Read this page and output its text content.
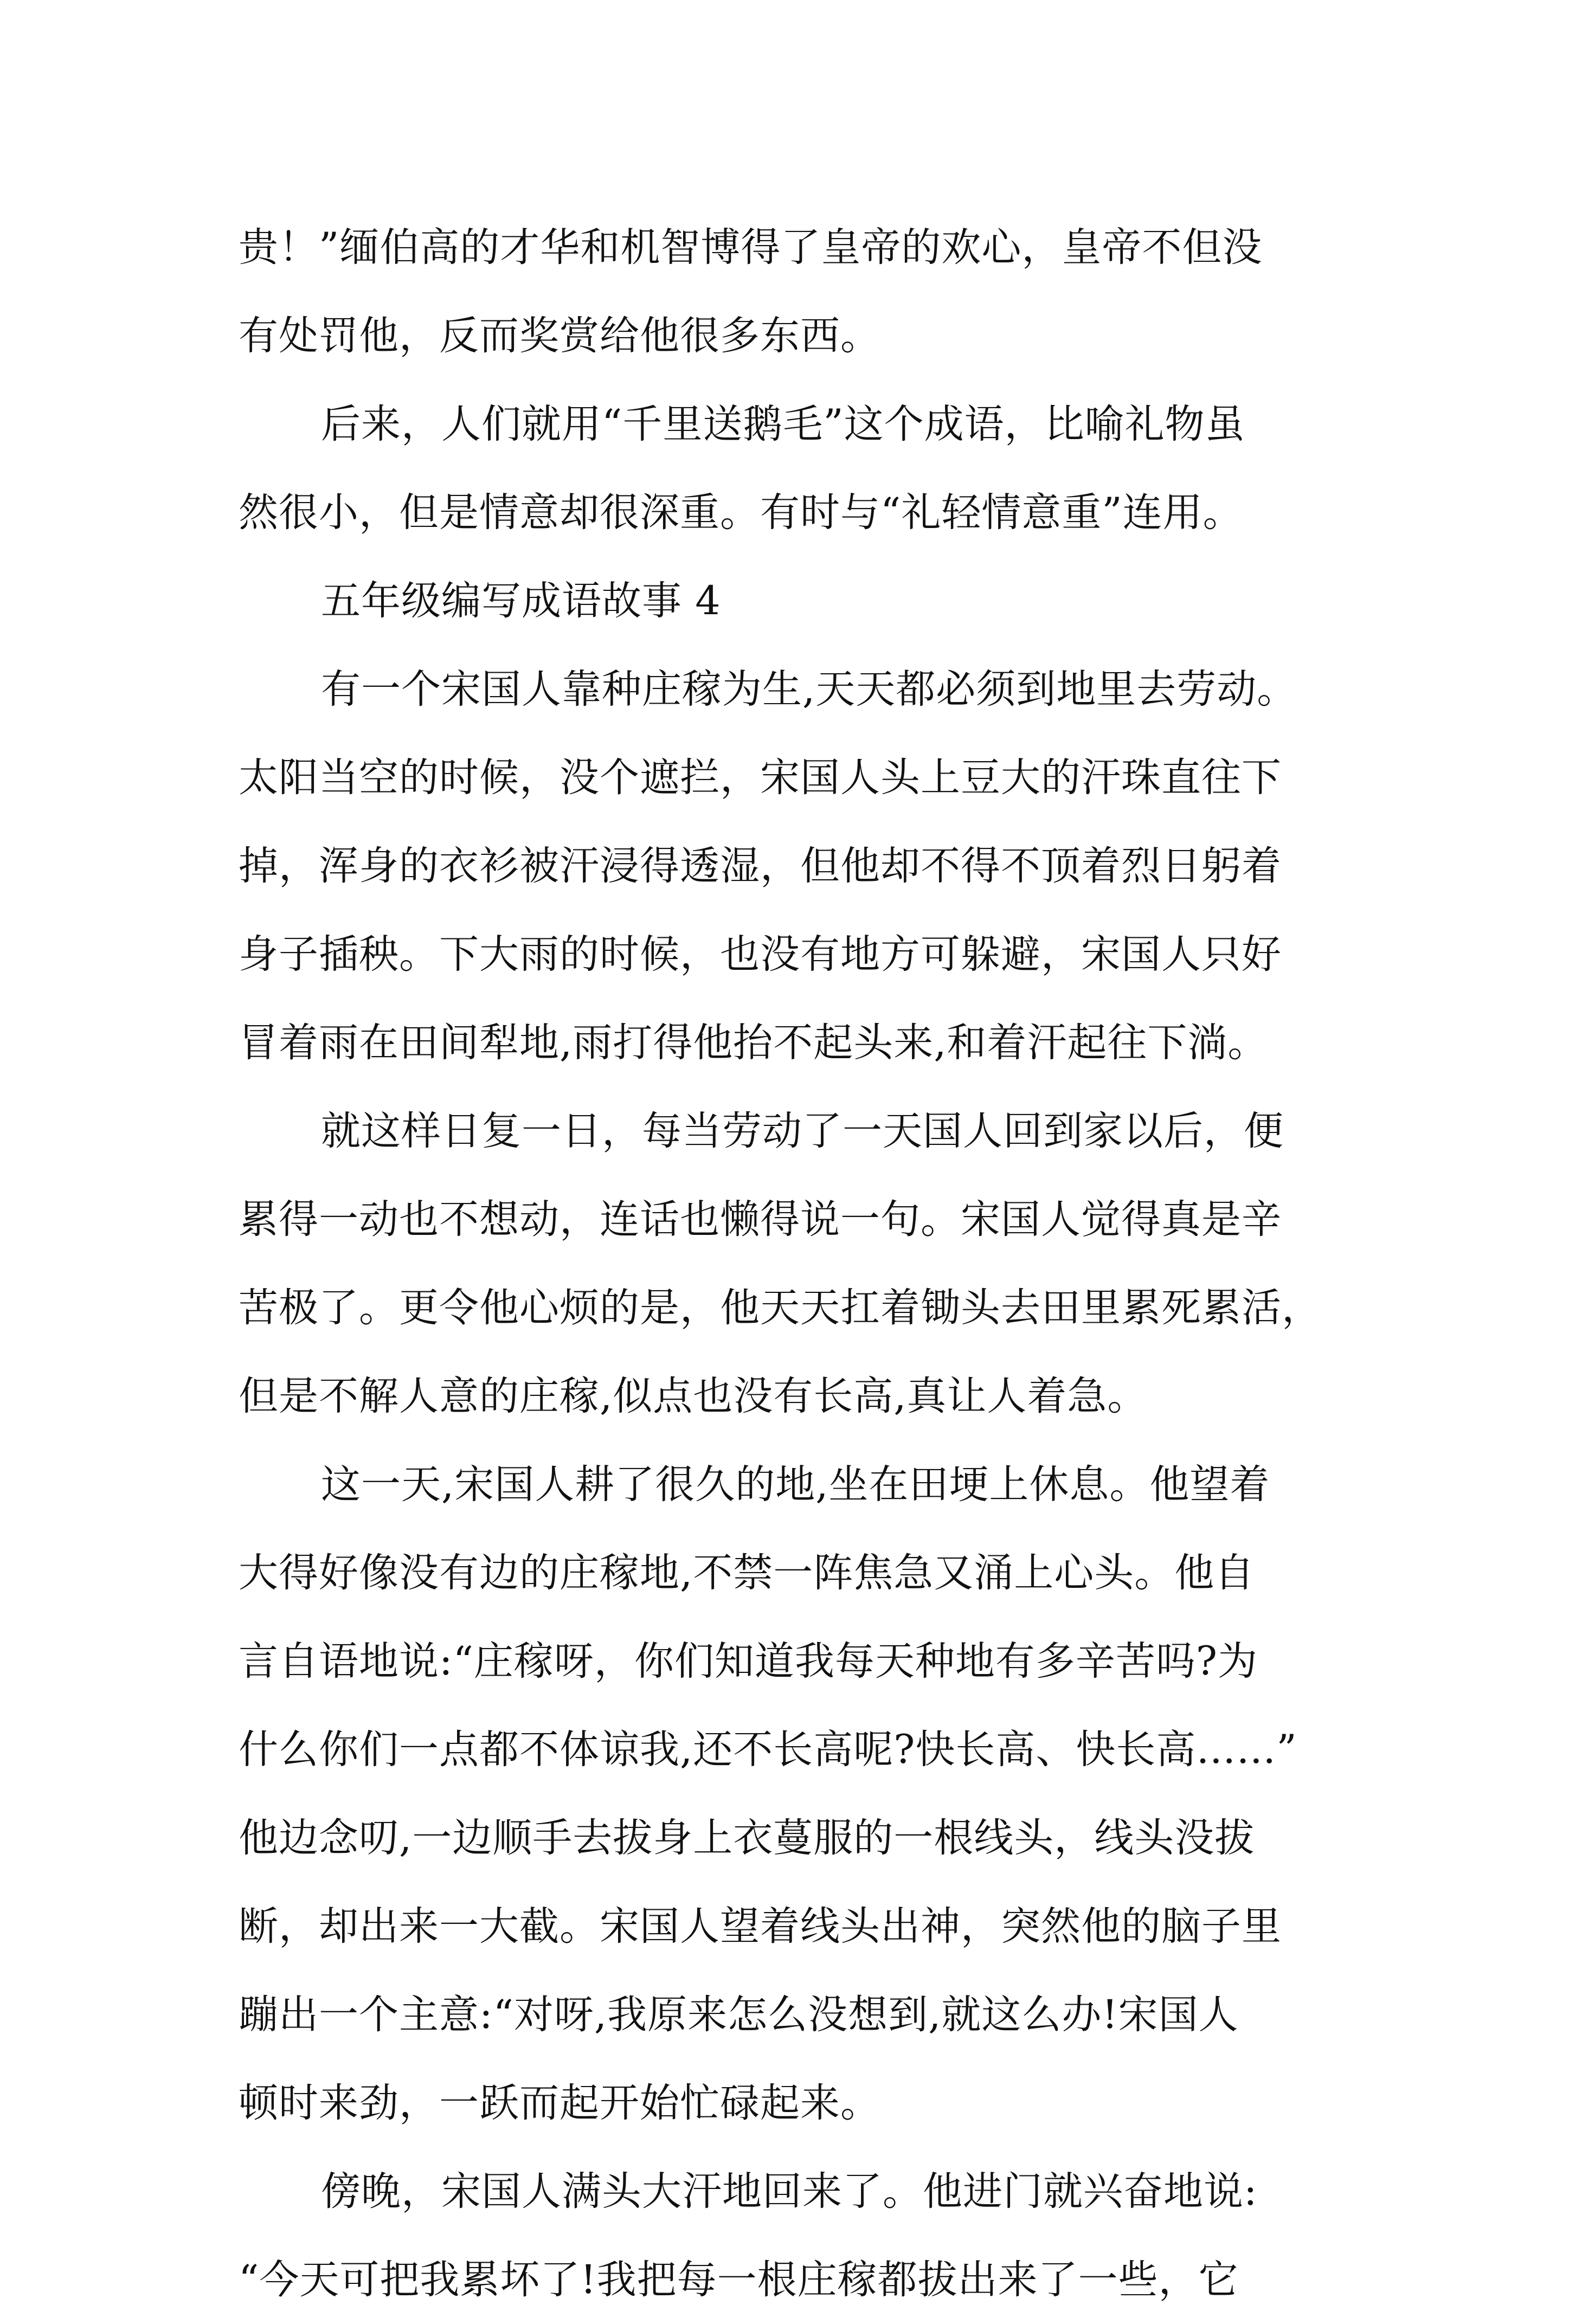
贵！”缅伯高的才华和机智博得了皇帝的欢心，皇帝不但没
有处罚他，反而奖赏给他很多东西。
后来，人们就用“千里送鹅毛”这个成语，比喻礼物虽
然很小，但是情意却很深重。有时与“礼轻情意重”连用。
五年级编写成语故事 4
有一个宋国人靠种庄稼为生,天天都必须到地里去劳动。
太阳当空的时候，没个遮拦，宋国人头上豆大的汗珠直往下
掉，浑身的衣衫被汗浸得透湿，但他却不得不顶着烈日躬着
身子插秧。下大雨的时候，也没有地方可躲避，宋国人只好
冒着雨在田间犁地,雨打得他抬不起头来,和着汗起往下淌。
就这样日复一日，每当劳动了一天国人回到家以后，便
累得一动也不想动，连话也懒得说一句。宋国人觉得真是辛
苦极了。更令他心烦的是，他天天扛着锄头去田里累死累活，
但是不解人意的庄稼,似点也没有长高,真让人着急。
这一天,宋国人耕了很久的地,坐在田埂上休息。他望着
大得好像没有边的庄稼地,不禁一阵焦急又涌上心头。他自
言自语地说:“庄稼呀，你们知道我每天种地有多辛苦吗?为
什么你们一点都不体谅我,还不长高呢?快长高、快长高……”
他边念叨,一边顺手去拔身上衣蔓服的一根线头，线头没拔
断，却出来一大截。宋国人望着线头出神，突然他的脑子里
蹦出一个主意:“对呀,我原来怎么没想到,就这么办!宋国人
顿时来劲，一跃而起开始忙碌起来。
傍晚，宋国人满头大汗地回来了。他进门就兴奋地说:
“今天可把我累坏了!我把每一根庄稼都拔出来了一些，它
